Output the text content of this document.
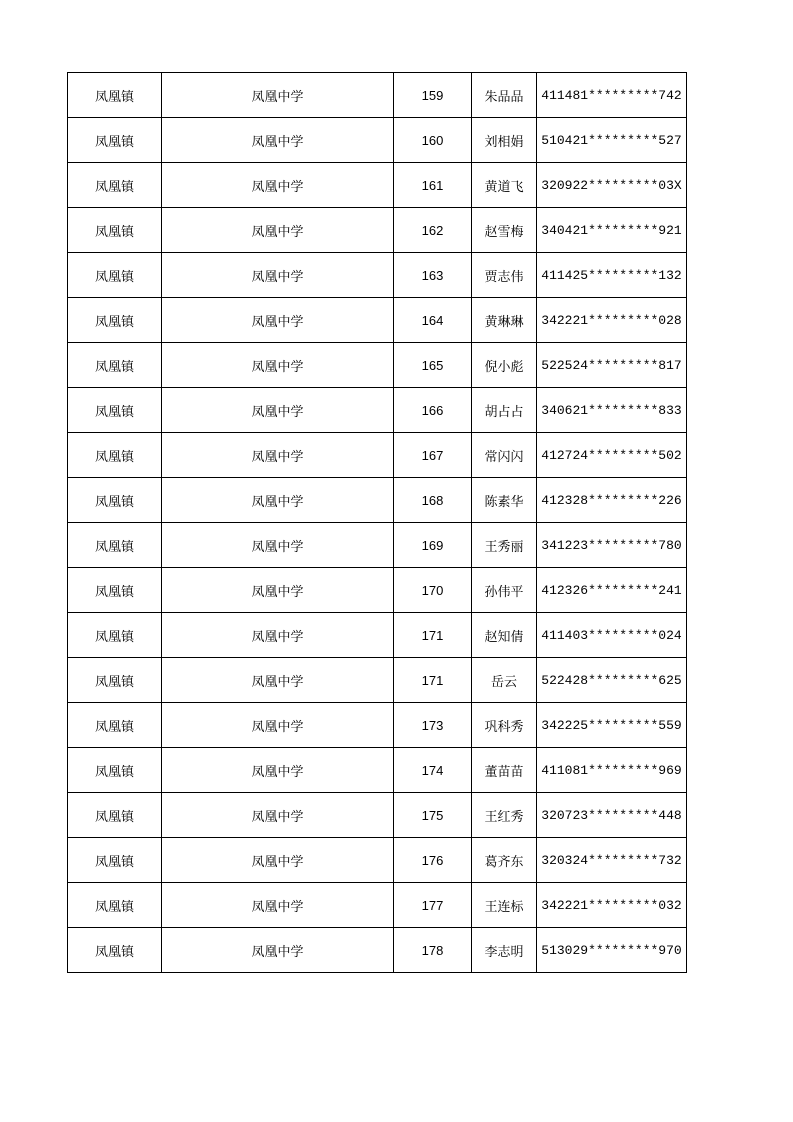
凤凰镇	凤凰中学	159	朱品品	411481*********742
凤凰镇	凤凰中学	160	刘相娟	510421*********527
凤凰镇	凤凰中学	161	黄道飞	320922*********03X
凤凰镇	凤凰中学	162	赵雪梅	340421*********921
凤凰镇	凤凰中学	163	贾志伟	411425*********132
凤凰镇	凤凰中学	164	黄琳琳	342221*********028
凤凰镇	凤凰中学	165	倪小彪	522524*********817
凤凰镇	凤凰中学	166	胡占占	340621*********833
凤凰镇	凤凰中学	167	常闪闪	412724*********502
凤凰镇	凤凰中学	168	陈素华	412328*********226
凤凰镇	凤凰中学	169	王秀丽	341223*********780
凤凰镇	凤凰中学	170	孙伟平	412326*********241
凤凰镇	凤凰中学	171	赵知倩	411403*********024
凤凰镇	凤凰中学	171	岳云	522428*********625
凤凰镇	凤凰中学	173	巩科秀	342225*********559
凤凰镇	凤凰中学	174	董苗苗	411081*********969
凤凰镇	凤凰中学	175	王红秀	320723*********448
凤凰镇	凤凰中学	176	葛齐东	320324*********732
凤凰镇	凤凰中学	177	王连标	342221*********032
凤凰镇	凤凰中学	178	李志明	513029*********970
